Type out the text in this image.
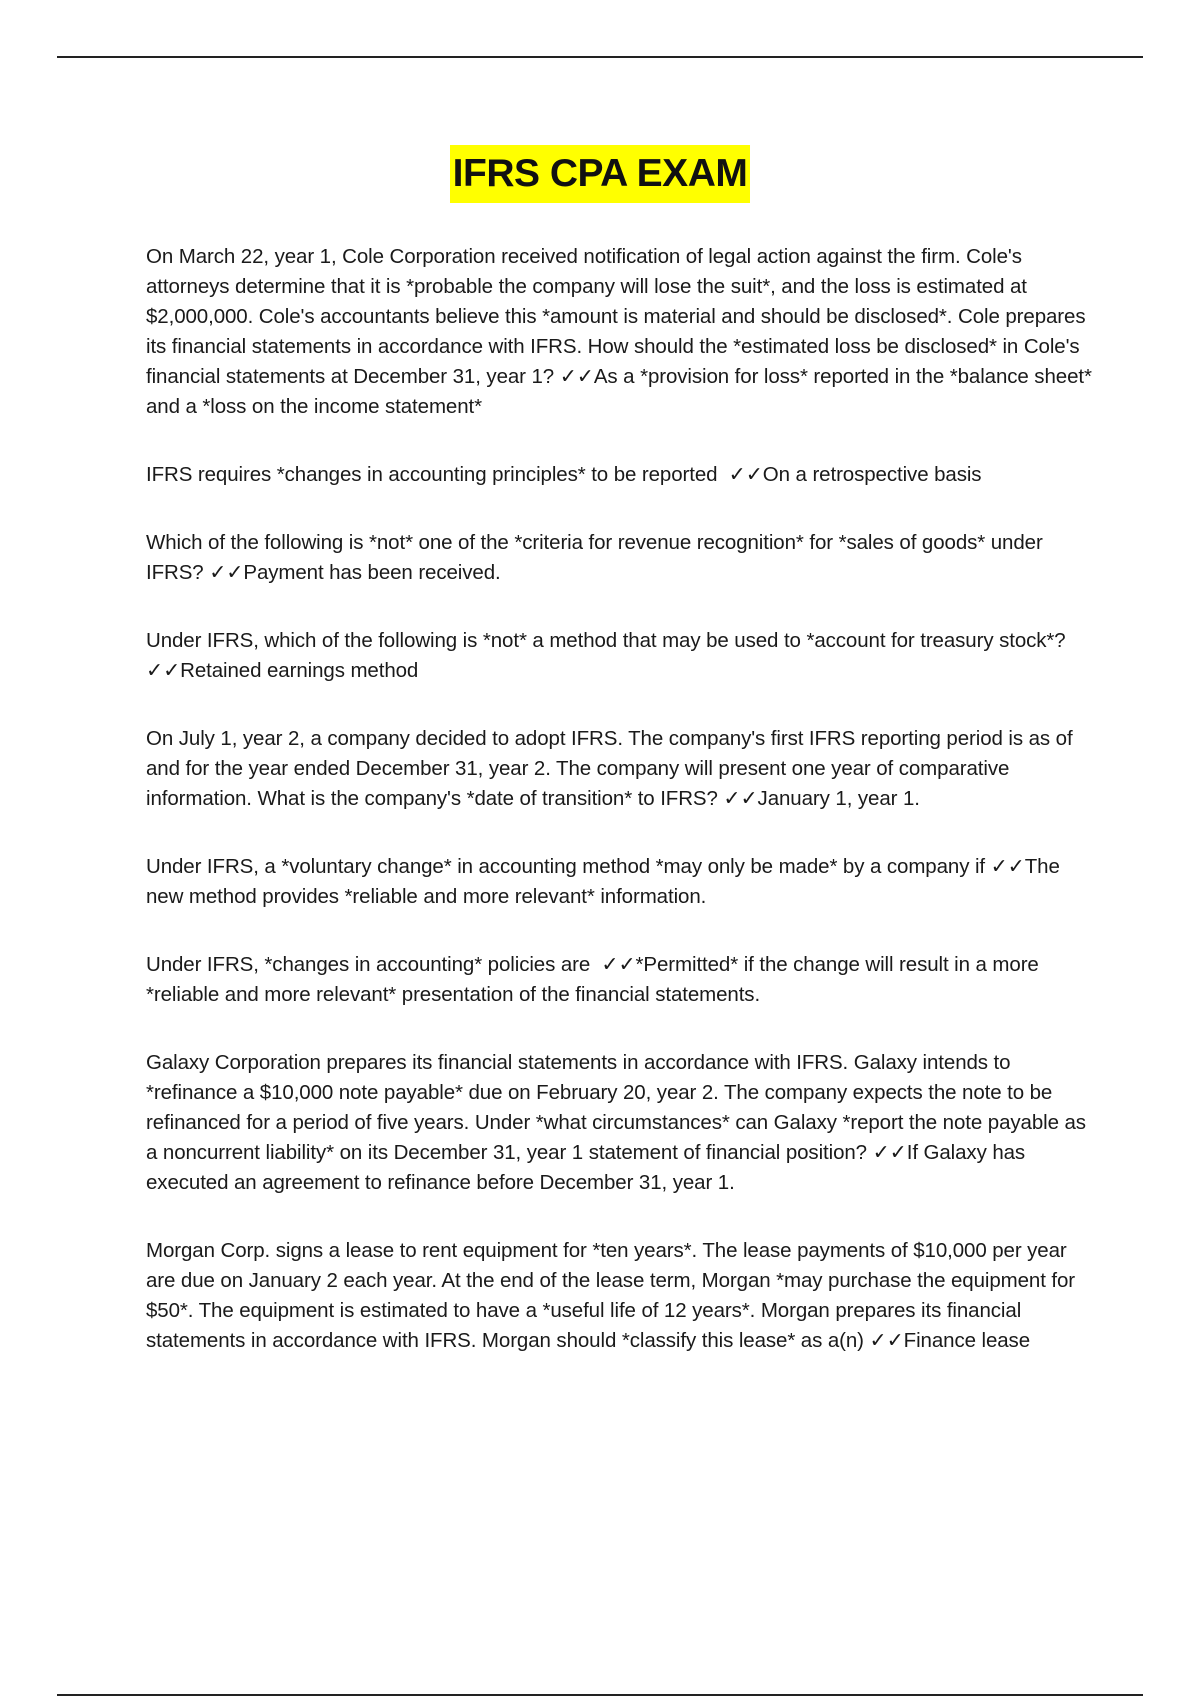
IFRS CPA EXAM

On March 22, year 1, Cole Corporation received notification of legal action against the firm. Cole's attorneys determine that it is *probable the company will lose the suit*, and the loss is estimated at $2,000,000. Cole's accountants believe this *amount is material and should be disclosed*. Cole prepares its financial statements in accordance with IFRS. How should the *estimated loss be disclosed* in Cole's financial statements at December 31, year 1? ✓✓As a *provision for loss* reported in the *balance sheet* and a *loss on the income statement*

IFRS requires *changes in accounting principles* to be reported ✓✓On a retrospective basis

Which of the following is *not* one of the *criteria for revenue recognition* for *sales of goods* under IFRS? ✓✓Payment has been received.

Under IFRS, which of the following is *not* a method that may be used to *account for treasury stock*? ✓✓Retained earnings method

On July 1, year 2, a company decided to adopt IFRS. The company's first IFRS reporting period is as of and for the year ended December 31, year 2. The company will present one year of comparative information. What is the company's *date of transition* to IFRS? ✓✓January 1, year 1.

Under IFRS, a *voluntary change* in accounting method *may only be made* by a company if ✓✓The new method provides *reliable and more relevant* information.

Under IFRS, *changes in accounting* policies are ✓✓*Permitted* if the change will result in a more *reliable and more relevant* presentation of the financial statements.

Galaxy Corporation prepares its financial statements in accordance with IFRS. Galaxy intends to *refinance a $10,000 note payable* due on February 20, year 2. The company expects the note to be refinanced for a period of five years. Under *what circumstances* can Galaxy *report the note payable as a noncurrent liability* on its December 31, year 1 statement of financial position? ✓✓If Galaxy has executed an agreement to refinance before December 31, year 1.

Morgan Corp. signs a lease to rent equipment for *ten years*. The lease payments of $10,000 per year are due on January 2 each year. At the end of the lease term, Morgan *may purchase the equipment for $50*. The equipment is estimated to have a *useful life of 12 years*. Morgan prepares its financial statements in accordance with IFRS. Morgan should *classify this lease* as a(n) ✓✓Finance lease
